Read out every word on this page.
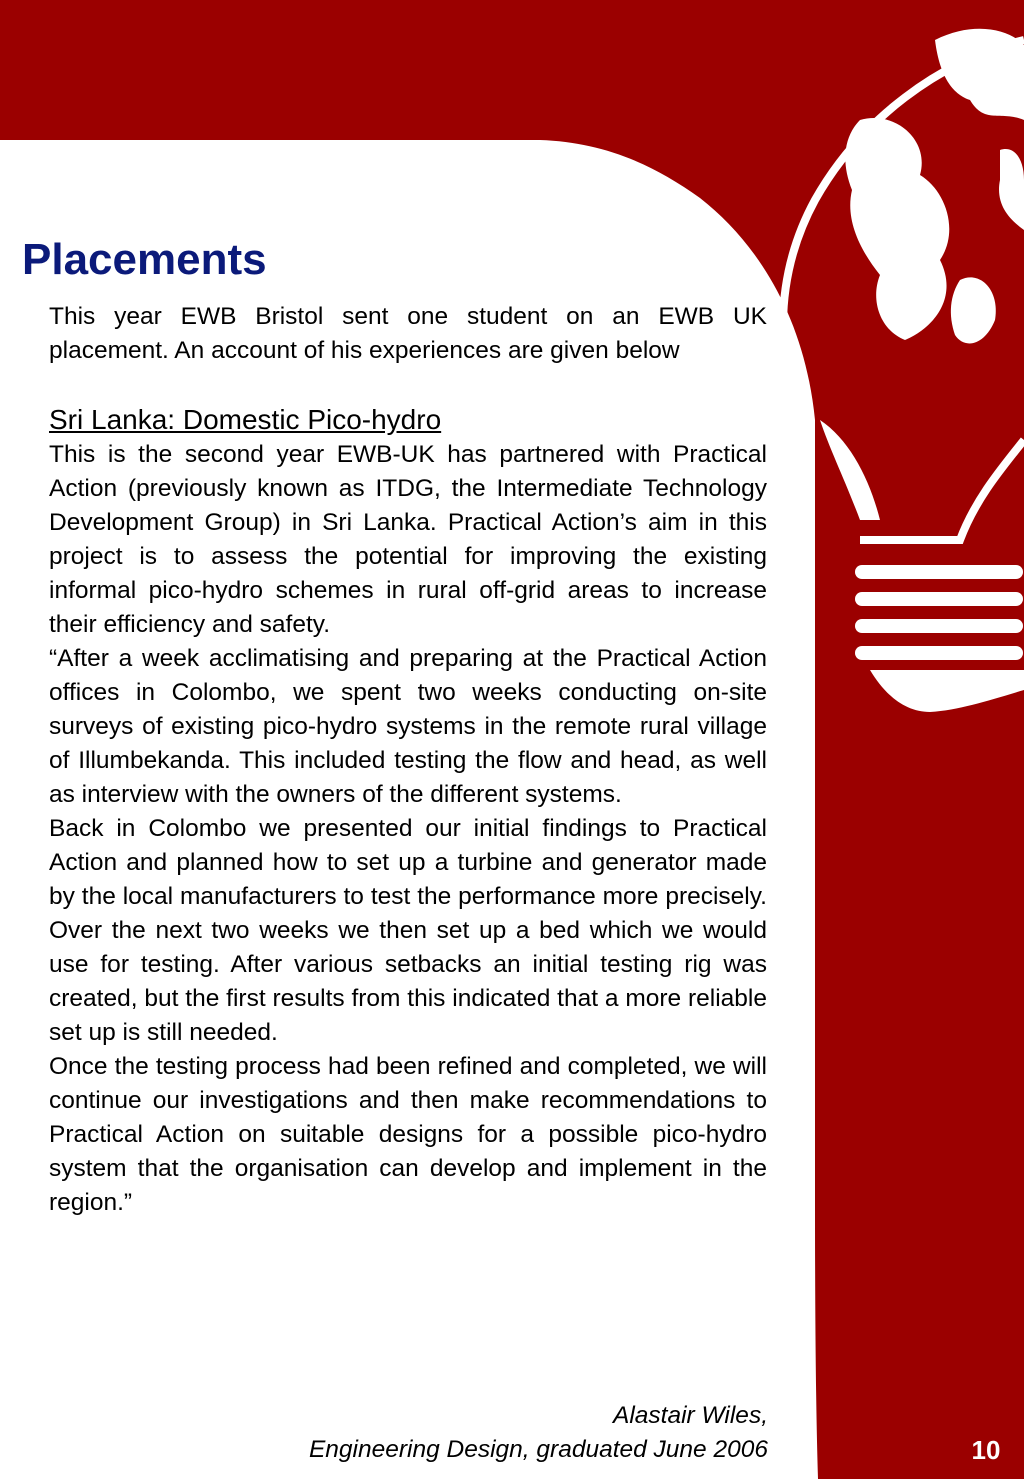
Placements

This year EWB Bristol sent one student on an EWB UK placement. An account of his experiences are given below

Sri Lanka: Domestic Pico-hydro

This is the second year EWB-UK has partnered with Practical Action (previously known as ITDG, the Intermediate Technology Development Group) in Sri Lanka. Practical Action’s aim in this project is to assess the potential for improving the existing informal pico-hydro schemes in rural off-grid areas to increase their efficiency and safety.

“After a week acclimatising and preparing at the Practical Action offices in Colombo, we spent two weeks conducting on-site surveys of existing pico-hydro systems in the remote rural village of Illumbekanda. This included testing the flow and head, as well as interview with the owners of the different systems.

Back in Colombo we presented our initial findings to Practical Action and planned how to set up a turbine and generator made by the local manufacturers to test the performance more precisely. Over the next two weeks we then set up a bed which we would use for testing. After various setbacks an initial testing rig was created, but the first results from this indicated that a more reliable set up is still needed.

Once the testing process had been refined and completed, we will continue our investigations and then make recommendations to Practical Action on suitable designs for a possible pico-hydro system that the organisation can develop and implement in the region.”

Alastair Wiles,
Engineering Design, graduated June 2006	10
